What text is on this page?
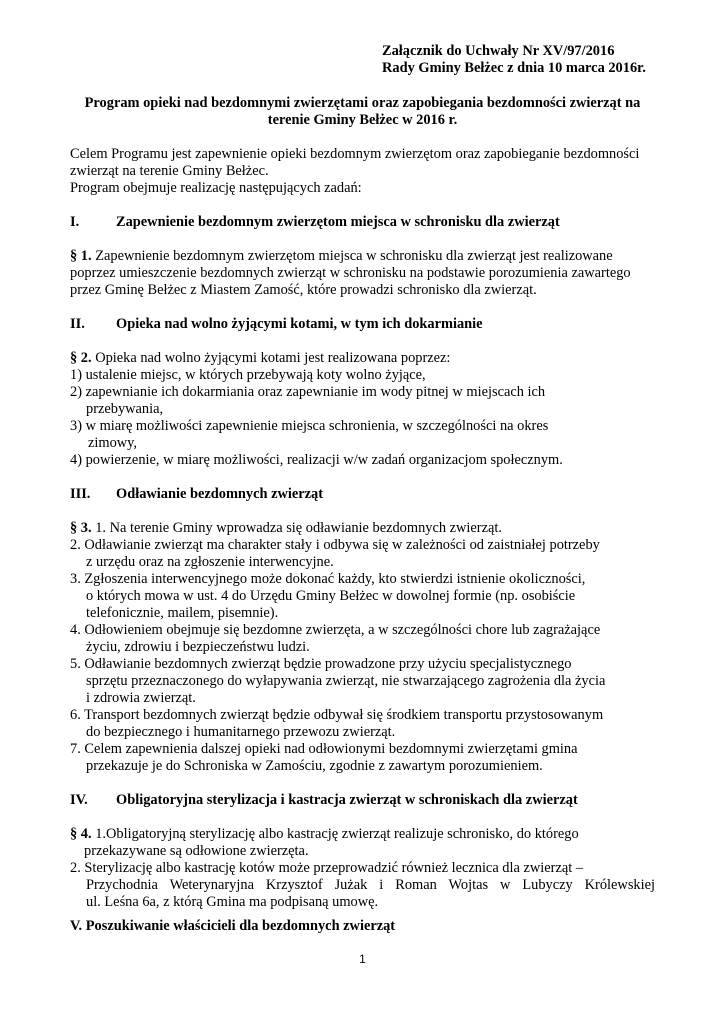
Załącznik do Uchwały Nr XV/97/2016
Rady Gminy Bełżec z dnia 10 marca 2016r.
Program opieki nad bezdomnymi zwierzętami oraz zapobiegania bezdomności zwierząt na
terenie Gminy Bełżec w 2016 r.
Celem Programu jest zapewnienie opieki bezdomnym zwierzętom oraz zapobieganie bezdomności
zwierząt na terenie Gminy Bełżec.
Program obejmuje realizację następujących zadań:
I.	Zapewnienie bezdomnym zwierzętom miejsca w schronisku dla zwierząt
§ 1. Zapewnienie bezdomnym zwierzętom miejsca w schronisku dla zwierząt jest realizowane
poprzez umieszczenie bezdomnych zwierząt w schronisku na podstawie porozumienia zawartego
przez Gminę Bełżec z Miastem Zamość, które prowadzi schronisko dla zwierząt.
II. Opieka nad wolno żyjącymi kotami, w tym ich dokarmianie
§ 2. Opieka nad wolno żyjącymi kotami jest realizowana poprzez:
1) ustalenie miejsc, w których przebywają koty wolno żyjące,
2) zapewnianie ich dokarmiania oraz zapewnianie im wody pitnej w miejscach ich
przebywania,
3) w miarę możliwości zapewnienie miejsca schronienia, w szczególności na okres
zimowy,
4) powierzenie, w miarę możliwości, realizacji w/w zadań organizacjom społecznym.
III. Odławianie bezdomnych zwierząt
§ 3. 1. Na terenie Gminy wprowadza się odławianie bezdomnych zwierząt.
2. Odławianie zwierząt ma charakter stały i odbywa się w zależności od zaistniałej potrzeby
z urzędu oraz na zgłoszenie interwencyjne.
3. Zgłoszenia interwencyjnego może dokonać każdy, kto stwierdzi istnienie okoliczności,
o których mowa w ust. 4 do Urzędu Gminy Bełżec w dowolnej formie (np. osobiście
telefonicznie, mailem, pisemnie).
4. Odłowieniem obejmuje się bezdomne zwierzęta, a w szczególności chore lub zagrażające
życiu, zdrowiu i bezpieczeństwu ludzi.
5. Odławianie bezdomnych zwierząt będzie prowadzone przy użyciu specjalistycznego
sprzętu przeznaczonego do wyłapywania zwierząt, nie stwarzającego zagrożenia dla życia
i zdrowia zwierząt.
6. Transport bezdomnych zwierząt będzie odbywał się środkiem transportu przystosowanym
do bezpiecznego i humanitarnego przewozu zwierząt.
7. Celem zapewnienia dalszej opieki nad odłowionymi bezdomnymi zwierzętami gmina
przekazuje je do Schroniska w Zamościu, zgodnie z zawartym porozumieniem.
IV. Obligatoryjna sterylizacja i kastracja zwierząt w schroniskach dla zwierząt
§ 4. 1.Obligatoryjną sterylizację albo kastrację zwierząt realizuje schronisko, do którego
przekazywane są odłowione zwierzęta.
2. Sterylizację albo kastrację kotów może przeprowadzić również lecznica dla zwierząt –
Przychodnia Weterynaryjna Krzysztof Jużak i Roman Wojtas w Lubyczy Królewskiej
ul. Leśna 6a, z którą Gmina ma podpisaną umowę.
V. Poszukiwanie właścicieli dla bezdomnych zwierząt
1
